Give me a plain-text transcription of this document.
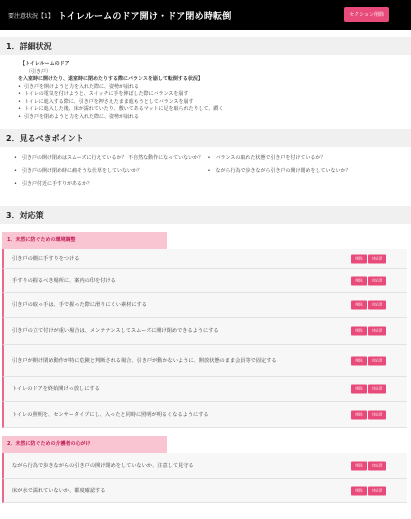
要注意状況【1】 トイレルームのドア開け・ドア閉め時転倒	セクション削除
1．詳細状況
【トイレルームのドア
（引き戸）
を入室時に開けたり、退室時に閉めたりする際にバランスを崩して転倒する状況】
• 引き戸を開けようと力を入れた際に、姿勢が崩れる
• トイレの電気を付けようと、スイッチに手を伸ばした際にバランスを崩す
• トイレに進入する際に、引き戸を押さえたまま進もうとしてバランスを崩す
• トイレに進入した後、床が濡れていたり、敷いてあるマットに足を取られたりして、躓く
• 引き戸を閉めようと力を入れた際に、姿勢が崩れる
2．見るべきポイント
•	引き戸の開け閉めはスムーズに行えているか？ 不自然な動作になっていないか？
•	引き戸の開け閉め時に痛そうな仕草をしていないか？
•	引き戸付近に手すりがあるか？
•	バランスの取れた状態で引き戸を付けているか？
•	ながら行為で歩きながら引き戸の開け閉めをしていないか？
3．対応策
1．未然に防ぐための環境調整
引き戸の側に手すりをつける	削除	対応済
手すりの握るべき場所に、案内の印を付ける	削除	対応済
引き戸の取っ手は、手で握った際に滑りにくい素材にする	削除	対応済
引き戸の立て付けが重い場合は、メンテナンスしてスムーズに開け閉めできるようにする	削除	対応済
引き戸が開け閉め動作が特に危険と判断される場合、引き戸が動かないように、開放状態のまま会員等で固定する	削除	対応済
トイレのドアを終始開けっ放しにする	削除	対応済
トイレの照明を、センサータイプにし、入ったと同時に照明が明るくなるようにする	削除	対応済
2．未然に防ぐための介護者の心がけ
ながら行為で歩きながらの引き戸の開け閉めをしていないか、注意して見守る	削除	対応済
床が水で濡れていないか、都度確認する	削除	対応済
